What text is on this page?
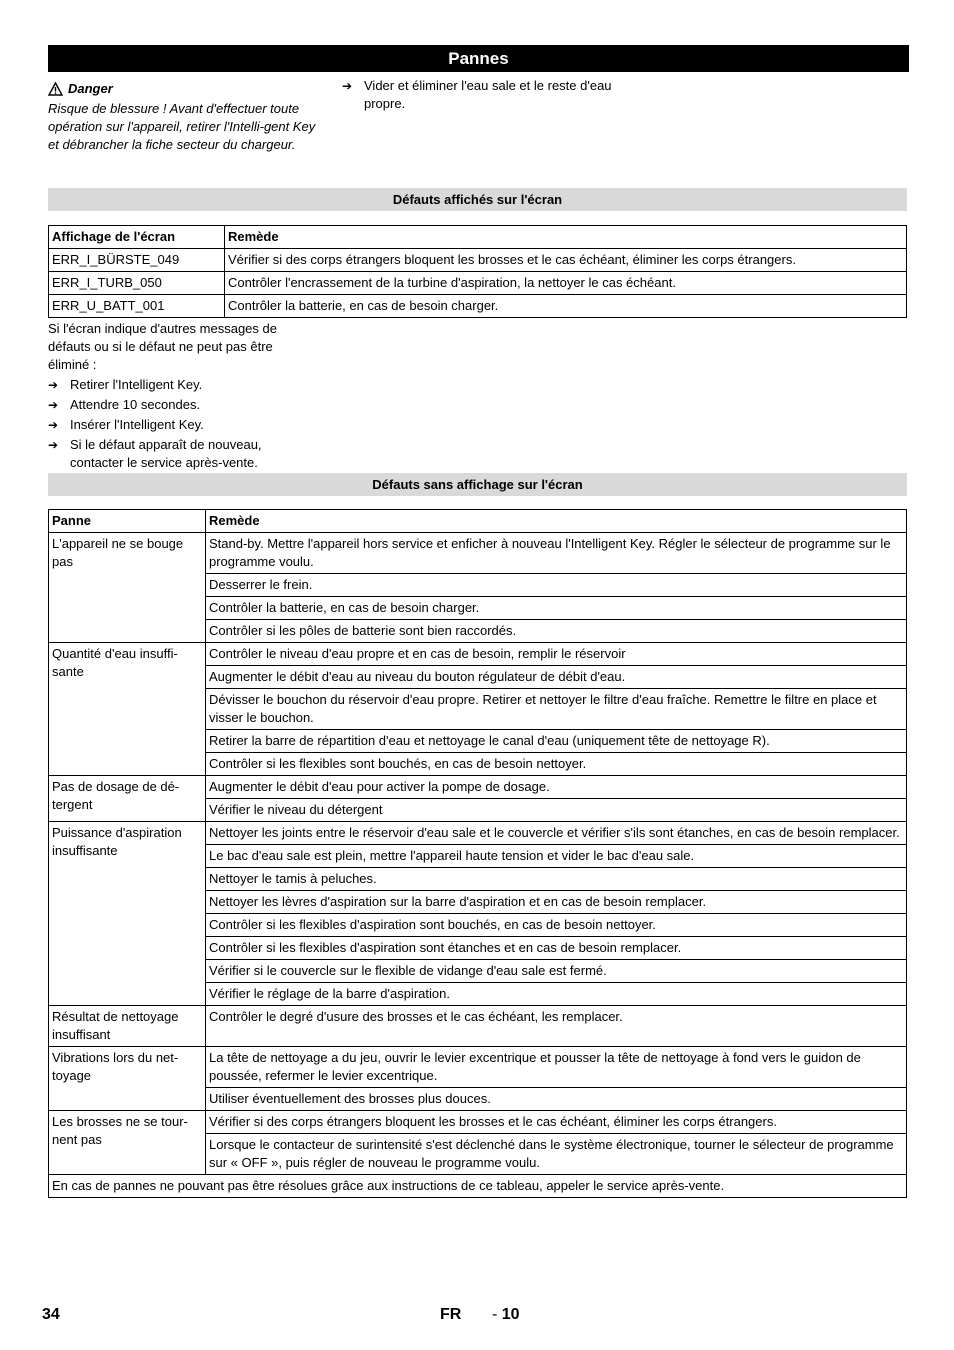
Pannes
Danger
Risque de blessure ! Avant d'effectuer toute opération sur l'appareil, retirer l'Intelli-gent Key et débrancher la fiche secteur du chargeur.
➔ Vider et éliminer l'eau sale et le reste d'eau propre.
Défauts affichés sur l'écran
Affichage de l'écran	Remède
ERR_I_BÜRSTE_049	Vérifier si des corps étrangers bloquent les brosses et le cas échéant, éliminer les corps étrangers.
ERR_I_TURB_050	Contrôler l'encrassement de la turbine d'aspiration, la nettoyer le cas échéant.
ERR_U_BATT_001	Contrôler la batterie, en cas de besoin charger.
Si l'écran indique d'autres messages de défauts ou si le défaut ne peut pas être éliminé :
➔ Retirer l'Intelligent Key.
➔ Attendre 10 secondes.
➔ Insérer l'Intelligent Key.
➔ Si le défaut apparaît de nouveau, contacter le service après-vente.
Défauts sans affichage sur l'écran
Panne	Remède
L'appareil ne se bouge pas	Stand-by. Mettre l'appareil hors service et enficher à nouveau l'Intelligent Key. Régler le sélecteur de programme sur le programme voulu.
	Desserrer le frein.
	Contrôler la batterie, en cas de besoin charger.
	Contrôler si les pôles de batterie sont bien raccordés.
Quantité d'eau insuffi-sante	Contrôler le niveau d'eau propre et en cas de besoin, remplir le réservoir
	Augmenter le débit d'eau au niveau du bouton régulateur de débit d'eau.
	Dévisser le bouchon du réservoir d'eau propre. Retirer et nettoyer le filtre d'eau fraîche. Remettre le filtre en place et visser le bouchon.
	Retirer la barre de répartition d'eau et nettoyage le canal d'eau (uniquement tête de nettoyage R).
	Contrôler si les flexibles sont bouchés, en cas de besoin nettoyer.
Pas de dosage de dé-tergent	Augmenter le débit d'eau pour activer la pompe de dosage.
	Vérifier le niveau du détergent
Puissance d'aspiration insuffisante	Nettoyer les joints entre le réservoir d'eau sale et le couvercle et vérifier s'ils sont étanches, en cas de besoin remplacer.
	Le bac d'eau sale est plein, mettre l'appareil haute tension et vider le bac d'eau sale.
	Nettoyer le tamis à peluches.
	Nettoyer les lèvres d'aspiration sur la barre d'aspiration et en cas de besoin remplacer.
	Contrôler si les flexibles d'aspiration sont bouchés, en cas de besoin nettoyer.
	Contrôler si les flexibles d'aspiration sont étanches et en cas de besoin remplacer.
	Vérifier si le couvercle sur le flexible de vidange d'eau sale est fermé.
	Vérifier le réglage de la barre d'aspiration.
Résultat de nettoyage insuffisant	Contrôler le degré d'usure des brosses et le cas échéant, les remplacer.
Vibrations lors du net-toyage	La tête de nettoyage a du jeu, ouvrir le levier excentrique et pousser la tête de nettoyage à fond vers le guidon de poussée, refermer le levier excentrique.
	Utiliser éventuellement des brosses plus douces.
Les brosses ne se tour-nent pas	Vérifier si des corps étrangers bloquent les brosses et le cas échéant, éliminer les corps étrangers.
	Lorsque le contacteur de surintensité s'est déclenché dans le système électronique, tourner le sélecteur de programme sur « OFF », puis régler de nouveau le programme voulu.
En cas de pannes ne pouvant pas être résolues grâce aux instructions de ce tableau, appeler le service après-vente.	
34	FR - 10
